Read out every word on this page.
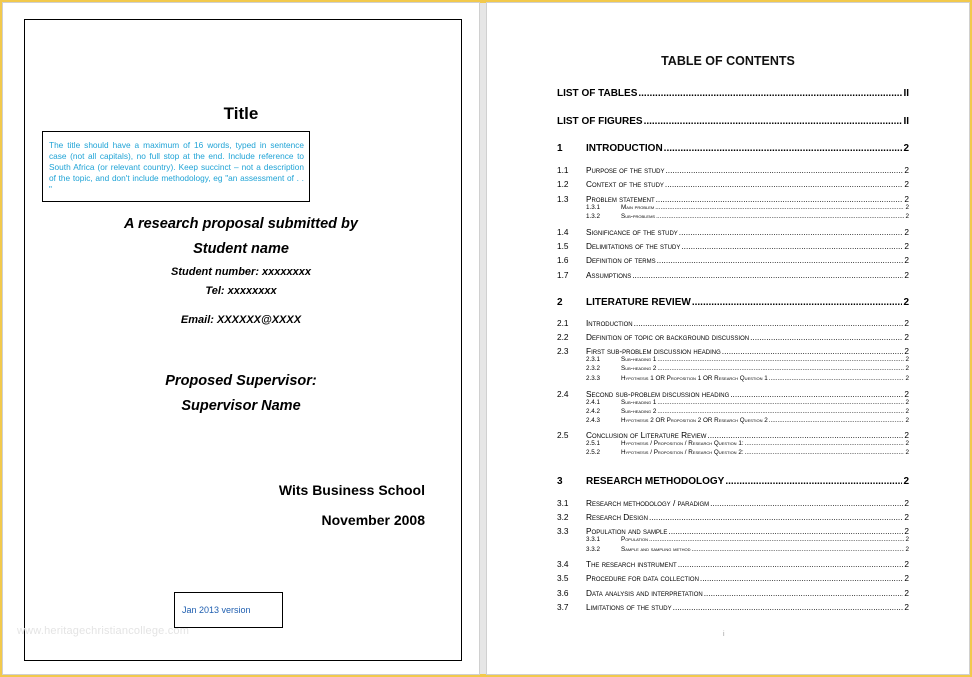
Title
The title should have a maximum of 16 words, typed in sentence case (not all capitals), no full stop at the end. Include reference to South Africa (or relevant country). Keep succinct – not a description of the topic, and don't include methodology, eg "an assessment of . . "
A research proposal submitted by
Student name
Student number: xxxxxxxx
Tel: xxxxxxxx
Email: XXXXXX@XXXX
Proposed Supervisor:
Supervisor Name
Wits Business School
November 2008
Jan 2013 version
www.heritagechristiancollege.com
TABLE OF CONTENTS
LIST OF TABLES .....	II
LIST OF FIGURES .....	II
1	INTRODUCTION .....	2
1.1	Purpose of the study .....	2
1.2	Context of the study .....	2
1.3	Problem statement .....	2
1.3.1	Main problem .....	2
1.3.2	Sub-problems .....	2
1.4	Significance of the study .....	2
1.5	Delimitations of the study .....	2
1.6	Definition of terms .....	2
1.7	Assumptions .....	2
2	LITERATURE REVIEW .....	2
2.1	Introduction .....	2
2.2	Definition of topic or background discussion .....	2
2.3	First sub-problem discussion heading .....	2
2.3.1	Sub-heading 1 .....	2
2.3.2	Sub-heading 2 .....	2
2.3.3	Hypothesis 1 OR Proposition 1 OR Research Question 1 .....	2
2.4	Second sub-problem discussion heading .....	2
2.4.1	Sub-heading 1 .....	2
2.4.2	Sub-heading 2 .....	2
2.4.3	Hypothesis 2 OR Proposition 2 OR Research Question 2 .....	2
2.5	Conclusion of Literature Review .....	2
2.5.1	Hypothesis / Proposition / Research Question 1: .....	2
2.5.2	Hypothesis / Proposition / Research Question 2: .....	2
3	RESEARCH METHODOLOGY .....	2
3.1	Research methodology / paradigm .....	2
3.2	Research Design .....	2
3.3	Population and sample .....	2
3.3.1	Population .....	2
3.3.2	Sample and sampling method .....	2
3.4	The research instrument .....	2
3.5	Procedure for data collection .....	2
3.6	Data analysis and interpretation .....	2
3.7	Limitations of the study .....	2
i
